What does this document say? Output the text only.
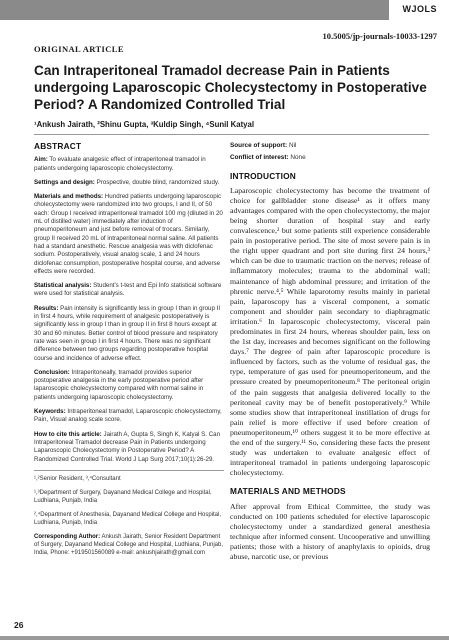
WJOLS
10.5005/jp-journals-10033-1297
ORIGINAL ARTICLE
Can Intraperitoneal Tramadol decrease Pain in Patients undergoing Laparoscopic Cholecystectomy in Postoperative Period? A Randomized Controlled Trial
¹Ankush Jairath, ²Shinu Gupta, ³Kuldip Singh, ⁴Sunil Katyal
ABSTRACT

Aim: To evaluate analgesic effect of intraperitoneal tramadol in patients undergoing laparoscopic cholecystectomy.

Settings and design: Prospective, double blind, randomized study.

Materials and methods: Hundred patients undergoing laparoscopic cholecystectomy were randomized into two groups, I and II, of 50 each: Group I received intraperitoneal tramadol 100 mg (diluted in 20 mL of distilled water) immediately after induction of pneumoperitoneum and just before removal of trocars. Similarly, group II received 20 mL of intraperitoneal normal saline. All patients had a standard anesthetic. Rescue analgesia was with diclofenac sodium. Postoperatively, visual analog scale, 1 and 24 hours diclofenac consumption, postoperative hospital course, and adverse effects were recorded.

Statistical analysis: Student's t-test and Epi Info statistical software were used for statistical analysis.

Results: Pain intensity is significantly less in group I than in group II in first 4 hours, while requirement of analgesic postoperatively is significantly less in group I than in group II in first 8 hours except at 30 and 60 minutes. Better control of blood pressure and respiratory rate was seen in group I in first 4 hours. There was no significant difference between two groups regarding postoperative hospital course and incidence of adverse effect.

Conclusion: Intraperitoneally, tramadol provides superior postoperative analgesia in the early postoperative period after laparoscopic cholecystectomy compared with normal saline in patients undergoing laparoscopic cholecystectomy.

Keywords: Intraperitoneal tramadol, Laparoscopic cholecystectomy, Pain, Visual analog scale score.

How to cite this article: Jairath A, Gupta S, Singh K, Katyal S. Can Intraperitoneal Tramadol decrease Pain in Patients undergoing Laparoscopic Cholecystectomy in Postoperative Period? A Randomized Controlled Trial. World J Lap Surg 2017;10(1):26-29.

¹,²Senior Resident, ³,⁴Consultant

¹,³Department of Surgery, Dayanand Medical College and Hospital, Ludhiana, Punjab, India

²,⁴Department of Anesthesia, Dayanand Medical College and Hospital, Ludhiana, Punjab, India

Corresponding Author: Ankush Jairath, Senior Resident Department of Surgery, Dayanand Medical College and Hospital, Ludhiana, Punjab, India, Phone: +919501560089 e-mail: ankushjairath@gmail.com

Source of support: Nil

Conflict of interest: None

INTRODUCTION

Laparoscopic cholecystectomy has become the treatment of choice for gallbladder stone disease¹ as it offers many advantages compared with the open cholecystectomy, the major being shorter duration of hospital stay and early convalescence,² but some patients still experience considerable pain in postoperative period. The site of most severe pain is in the right upper quadrant and port site during first 24 hours,³ which can be due to traumatic traction on the nerves; release of inflammatory molecules; trauma to the abdominal wall; maintenance of high abdominal pressure; and irritation of the phrenic nerve.⁴,⁵ While laparotomy results mainly in parietal pain, laparoscopy has a visceral component, a somatic component and shoulder pain secondary to diaphragmatic irritation.⁶ In laparoscopic cholecystectomy, visceral pain predominates in first 24 hours, whereas shoulder pain, less on the 1st day, increases and becomes significant on the following days.⁷ The degree of pain after laparoscopic procedure is influenced by factors, such as the volume of residual gas, the type, temperature of gas used for pneumoperitoneum, and the pressure created by pneumoperitoneum.⁸ The peritoneal origin of the pain suggests that analgesia delivered locally to the peritoneal cavity may be of benefit postoperatively.⁹ While some studies show that intraperitoneal instillation of drugs for pain relief is more effective if used before creation of pneumoperitoneum,¹⁰ others suggest it to be more effective at the end of the surgery.¹¹ So, considering these facts the present study was undertaken to evaluate analgesic effect of intraperitoneal tramadol in patients undergoing laparoscopic cholecystectomy.

MATERIALS AND METHODS

After approval from Ethical Committee, the study was conducted on 100 patients scheduled for elective laparoscopic cholecystectomy under a standardized general anesthesia technique after informed consent. Uncooperative and unwilling patients; those with a history of anaphylaxis to opioids, drug abuse, narcotic use, or previous

26
